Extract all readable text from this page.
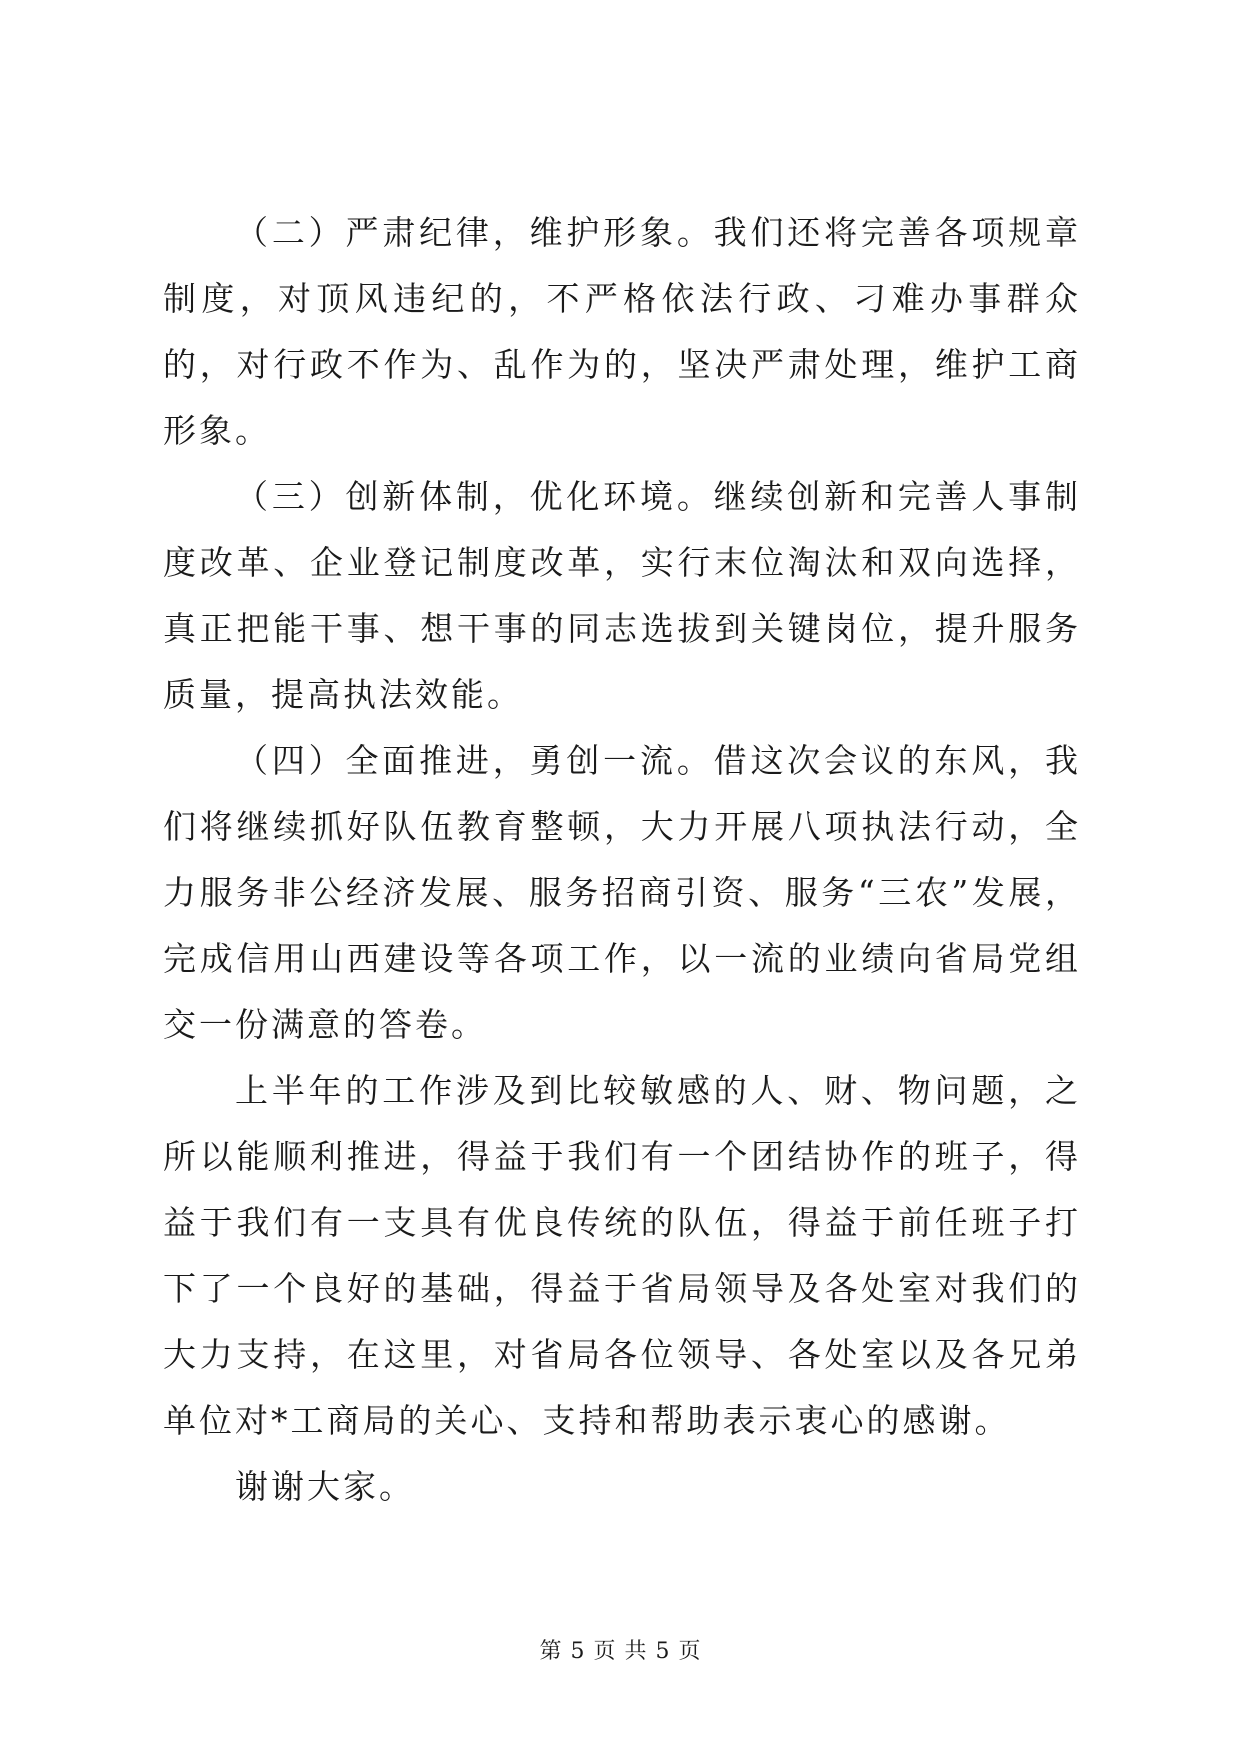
（二）严肃纪律，维护形象。我们还将完善各项规章制度，对顶风违纪的，不严格依法行政、刁难办事群众的，对行政不作为、乱作为的，坚决严肃处理，维护工商形象。

（三）创新体制，优化环境。继续创新和完善人事制度改革、企业登记制度改革，实行末位淘汰和双向选择，真正把能干事、想干事的同志选拔到关键岗位，提升服务质量，提高执法效能。

（四）全面推进，勇创一流。借这次会议的东风，我们将继续抓好队伍教育整顿，大力开展八项执法行动，全力服务非公经济发展、服务招商引资、服务“三农”发展，完成信用山西建设等各项工作，以一流的业绩向省局党组交一份满意的答卷。

上半年的工作涉及到比较敏感的人、财、物问题，之所以能顺利推进，得益于我们有一个团结协作的班子，得益于我们有一支具有优良传统的队伍，得益于前任班子打下了一个良好的基础，得益于省局领导及各处室对我们的大力支持，在这里，对省局各位领导、各处室以及各兄弟单位对*工商局的关心、支持和帮助表示衷心的感谢。

谢谢大家。

第 5 页 共 5 页
